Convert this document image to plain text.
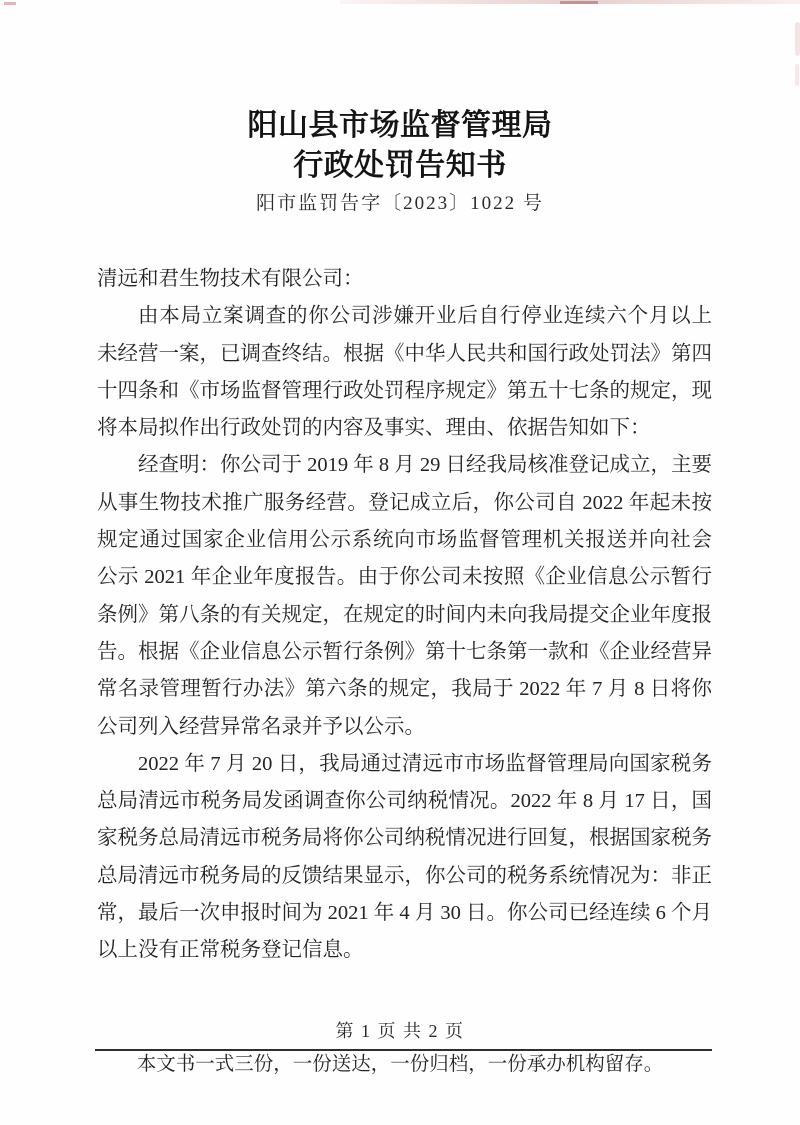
阳山县市场监督管理局
行政处罚告知书
阳市监罚告字〔2023〕1022 号
清远和君生物技术有限公司：
由本局立案调查的你公司涉嫌开业后自行停业连续六个月以上
未经营一案，已调查终结。根据《中华人民共和国行政处罚法》第四
十四条和《市场监督管理行政处罚程序规定》第五十七条的规定，现
将本局拟作出行政处罚的内容及事实、理由、依据告知如下：
经查明：你公司于 2019 年 8 月 29 日经我局核准登记成立，主要
从事生物技术推广服务经营。登记成立后，你公司自 2022 年起未按
规定通过国家企业信用公示系统向市场监督管理机关报送并向社会
公示 2021 年企业年度报告。由于你公司未按照《企业信息公示暂行
条例》第八条的有关规定，在规定的时间内未向我局提交企业年度报
告。根据《企业信息公示暂行条例》第十七条第一款和《企业经营异
常名录管理暂行办法》第六条的规定，我局于 2022 年 7 月 8 日将你
公司列入经营异常名录并予以公示。
2022 年 7 月 20 日，我局通过清远市市场监督管理局向国家税务
总局清远市税务局发函调查你公司纳税情况。2022 年 8 月 17 日，国
家税务总局清远市税务局将你公司纳税情况进行回复，根据国家税务
总局清远市税务局的反馈结果显示，你公司的税务系统情况为：非正
常，最后一次申报时间为 2021 年 4 月 30 日。你公司已经连续 6 个月
以上没有正常税务登记信息。
第 1 页 共 2 页
本文书一式三份，一份送达，一份归档，一份承办机构留存。
